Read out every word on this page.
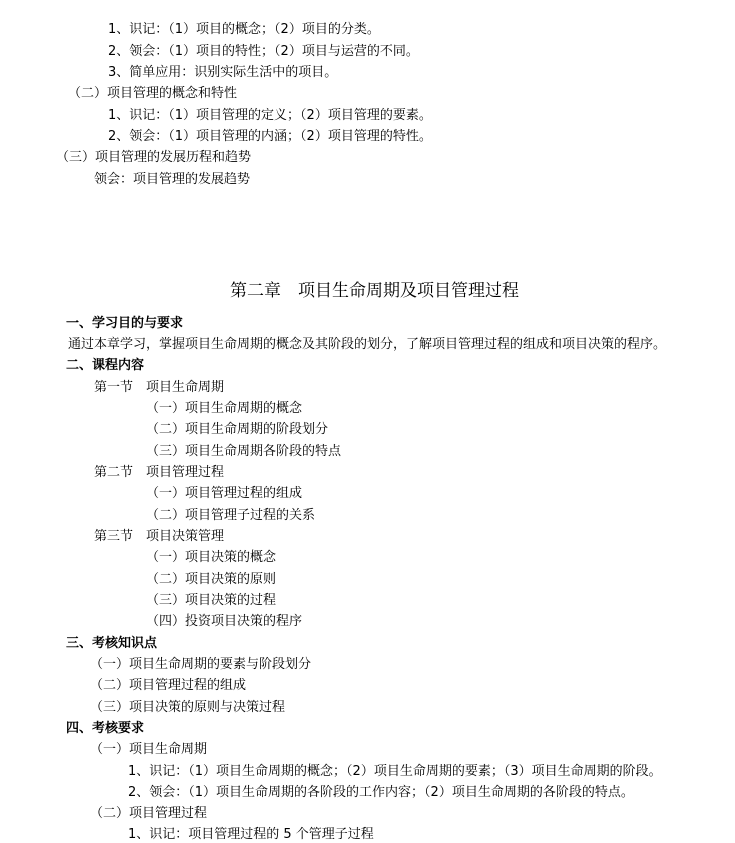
1、识记：（1）项目的概念；（2）项目的分类。
2、领会：（1）项目的特性；（2）项目与运营的不同。
3、简单应用：识别实际生活中的项目。
（二）项目管理的概念和特性
1、识记：（1）项目管理的定义；（2）项目管理的要素。
2、领会：（1）项目管理的内涵；（2）项目管理的特性。
（三）项目管理的发展历程和趋势
领会：项目管理的发展趋势
第二章　项目生命周期及项目管理过程
一、学习目的与要求
通过本章学习，掌握项目生命周期的概念及其阶段的划分，了解项目管理过程的组成和项目决策的程序。
二、课程内容
第一节　项目生命周期
（一）项目生命周期的概念
（二）项目生命周期的阶段划分
（三）项目生命周期各阶段的特点
第二节　项目管理过程
（一）项目管理过程的组成
（二）项目管理子过程的关系
第三节　项目决策管理
（一）项目决策的概念
（二）项目决策的原则
（三）项目决策的过程
（四）投资项目决策的程序
三、考核知识点
（一）项目生命周期的要素与阶段划分
（二）项目管理过程的组成
（三）项目决策的原则与决策过程
四、考核要求
（一）项目生命周期
1、识记：（1）项目生命周期的概念；（2）项目生命周期的要素；（3）项目生命周期的阶段。
2、领会：（1）项目生命周期的各阶段的工作内容；（2）项目生命周期的各阶段的特点。
（二）项目管理过程
1、识记：项目管理过程的 5 个管理子过程
